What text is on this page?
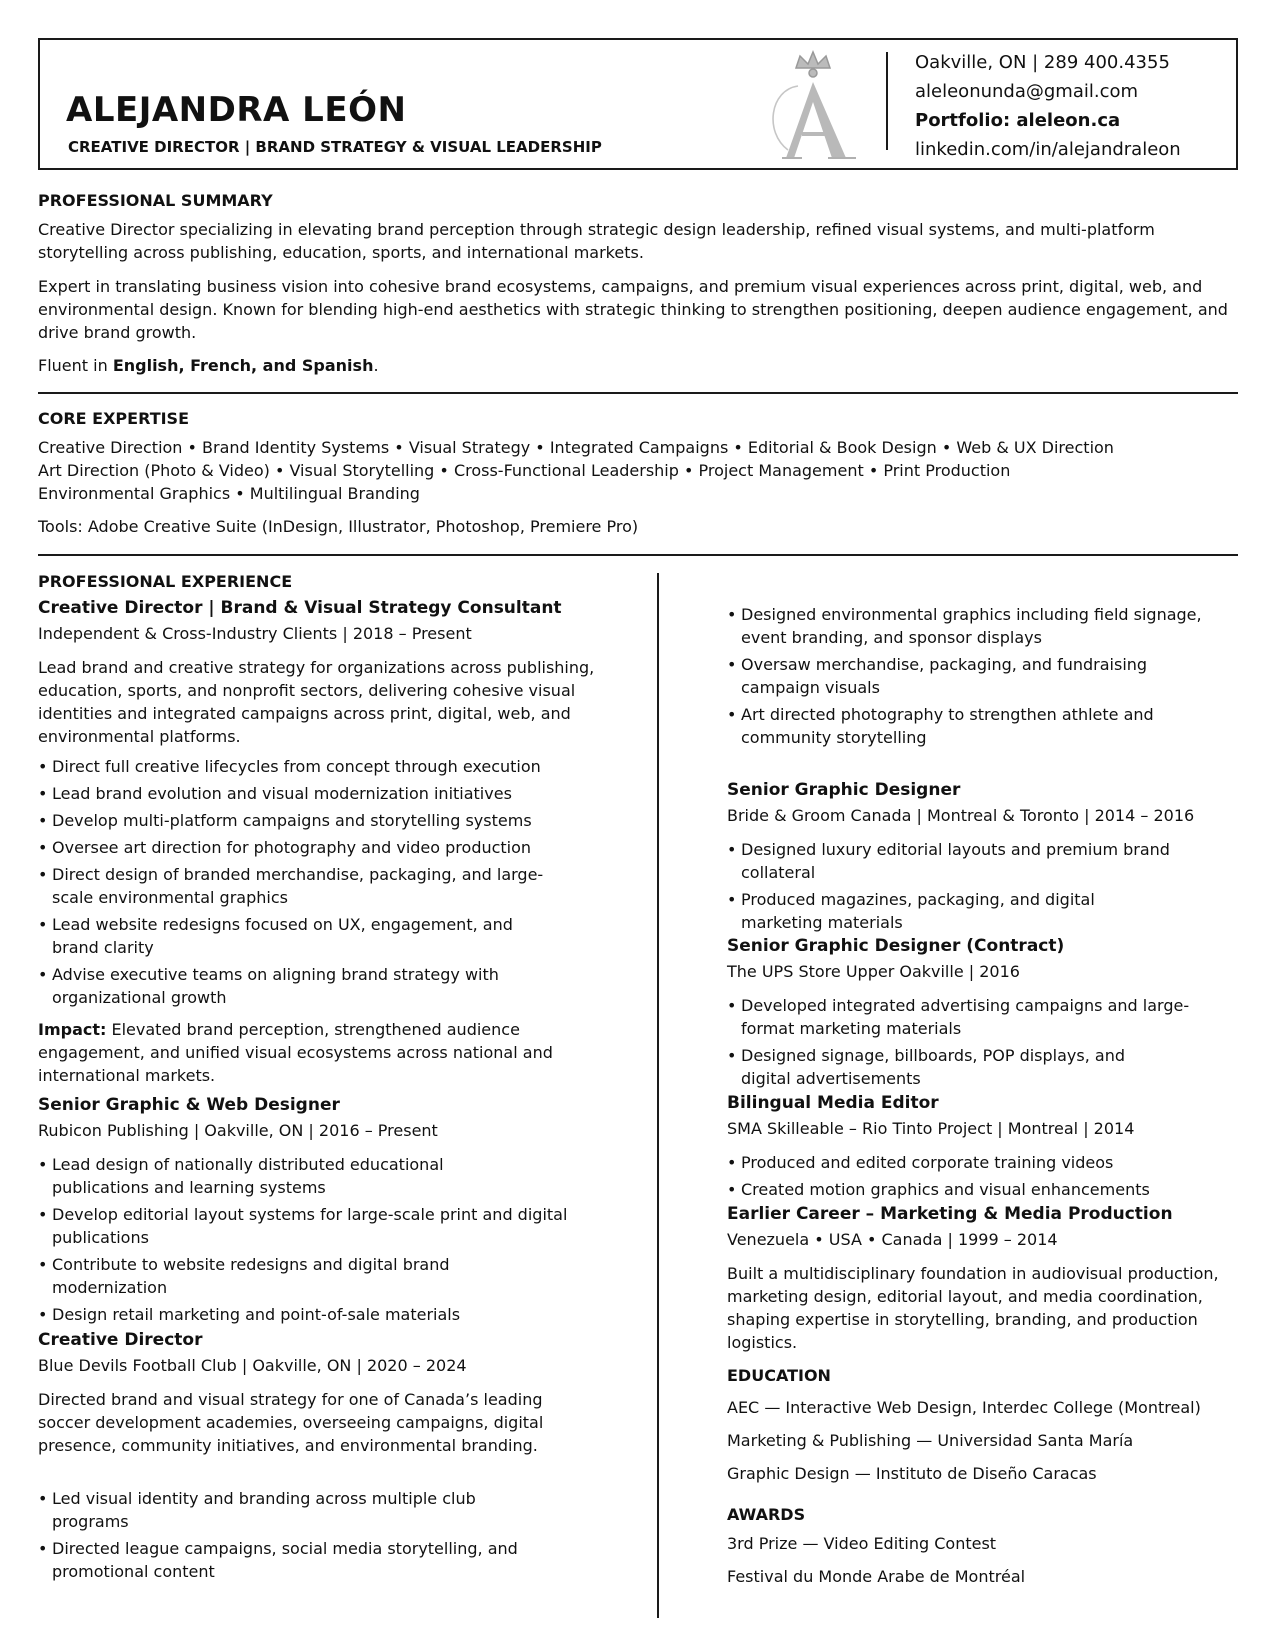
ALEJANDRA LEÓN
CREATIVE DIRECTOR | BRAND STRATEGY & VISUAL LEADERSHIP
Oakville, ON | 289 400.4355
aleleonunda@gmail.com
Portfolio: aleleon.ca
linkedin.com/in/alejandraleon
PROFESSIONAL SUMMARY

Creative Director specializing in elevating brand perception through strategic design leadership, refined visual systems, and multi-platform storytelling across publishing, education, sports, and international markets.

Expert in translating business vision into cohesive brand ecosystems, campaigns, and premium visual experiences across print, digital, web, and environmental design. Known for blending high-end aesthetics with strategic thinking to strengthen positioning, deepen audience engagement, and drive brand growth.

Fluent in English, French, and Spanish.
CORE EXPERTISE
Creative Direction • Brand Identity Systems • Visual Strategy • Integrated Campaigns • Editorial & Book Design • Web & UX Direction
Art Direction (Photo & Video) • Visual Storytelling • Cross-Functional Leadership • Project Management • Print Production
Environmental Graphics • Multilingual Branding
Tools: Adobe Creative Suite (InDesign, Illustrator, Photoshop, Premiere Pro)
PROFESSIONAL EXPERIENCE
Creative Director | Brand & Visual Strategy Consultant
Independent & Cross-Industry Clients | 2018 – Present

Lead brand and creative strategy for organizations across publishing, education, sports, and nonprofit sectors, delivering cohesive visual identities and integrated campaigns across print, digital, web, and environmental platforms.

• Direct full creative lifecycles from concept through execution
• Lead brand evolution and visual modernization initiatives
• Develop multi-platform campaigns and storytelling systems
• Oversee art direction for photography and video production
• Direct design of branded merchandise, packaging, and large-scale environmental graphics
• Lead website redesigns focused on UX, engagement, and brand clarity
• Advise executive teams on aligning brand strategy with organizational growth

Impact: Elevated brand perception, strengthened audience engagement, and unified visual ecosystems across national and international markets.

Senior Graphic & Web Designer
Rubicon Publishing | Oakville, ON | 2016 – Present
• Lead design of nationally distributed educational publications and learning systems
• Develop editorial layout systems for large-scale print and digital publications
• Contribute to website redesigns and digital brand modernization
• Design retail marketing and point-of-sale materials
Creative Director
Blue Devils Football Club | Oakville, ON | 2020 – 2024

Directed brand and visual strategy for one of Canada’s leading soccer development academies, overseeing campaigns, digital presence, community initiatives, and environmental branding.

• Led visual identity and branding across multiple club programs
• Directed league campaigns, social media storytelling, and promotional content
• Designed environmental graphics including field signage, event branding, and sponsor displays
• Oversaw merchandise, packaging, and fundraising campaign visuals
• Art directed photography to strengthen athlete and community storytelling
Senior Graphic Designer
Bride & Groom Canada | Montreal & Toronto | 2014 – 2016
• Designed luxury editorial layouts and premium brand collateral
• Produced magazines, packaging, and digital marketing materials
Senior Graphic Designer (Contract)
The UPS Store Upper Oakville | 2016
• Developed integrated advertising campaigns and large-format marketing materials
• Designed signage, billboards, POP displays, and digital advertisements
Bilingual Media Editor
SMA Skilleable – Rio Tinto Project | Montreal | 2014
• Produced and edited corporate training videos
• Created motion graphics and visual enhancements
Earlier Career – Marketing & Media Production
Venezuela • USA • Canada | 1999 – 2014

Built a multidisciplinary foundation in audiovisual production, marketing design, editorial layout, and media coordination, shaping expertise in storytelling, branding, and production logistics.

EDUCATION
AEC — Interactive Web Design, Interdec College (Montreal)
Marketing & Publishing — Universidad Santa María
Graphic Design — Instituto de Diseño Caracas
AWARDS
3rd Prize — Video Editing Contest
Festival du Monde Arabe de Montréal
